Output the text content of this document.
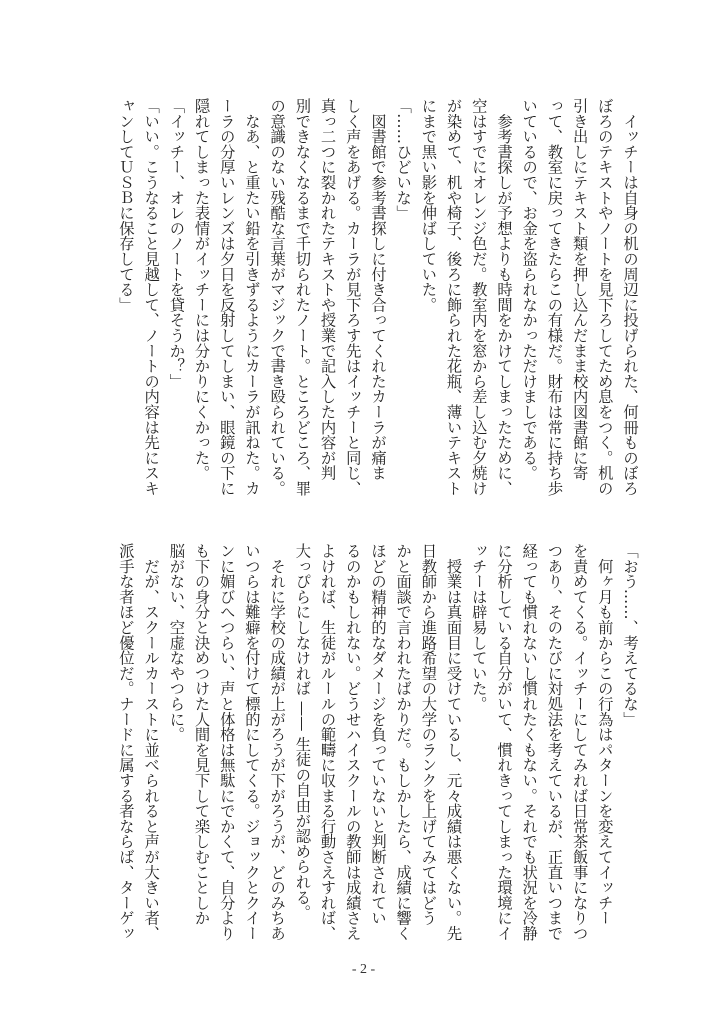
　イッチーは自身の机の周辺に投げられた、何冊ものぼろ
ぼろのテキストやノートを見下ろしてため息をつく。机の
引き出しにテキスト類を押し込んだまま校内図書館に寄
って、教室に戻ってきたらこの有様だ。財布は常に持ち歩
いているので、お金を盗られなかっただけましである。
　参考書探しが予想よりも時間をかけてしまったために、
空はすでにオレンジ色だ。教室内を窓から差し込む夕焼け
が染めて、机や椅子、後ろに飾られた花瓶、薄いテキスト
にまで黒い影を伸ばしていた。
「……ひどいな」
　図書館で参考書探しに付き合ってくれたカーラが痛ま
しく声をあげる。カーラが見下ろす先はイッチーと同じ、
真っ二つに裂かれたテキストや授業で記入した内容が判
別できなくなるまで千切られたノート。ところどころ、罪
の意識のない残酷な言葉がマジックで書き殴られている。
　なあ、と重たい鉛を引きずるようにカーラが訊ねた。カ
ーラの分厚いレンズは夕日を反射してしまい、眼鏡の下に
隠れてしまった表情がイッチーには分かりにくかった。
「イッチー、オレのノートを貸そうか？」
「いい。こうなること見越して、ノートの内容は先にスキ
ャンしてＵＳＢに保存してる」
「おう……、考えてるな」
　何ヶ月も前からこの行為はパターンを変えてイッチー
を責めてくる。イッチーにしてみれば日常茶飯事になりつ
つあり、そのたびに対処法を考えているが、正直いつまで
経っても慣れないし慣れたくもない。それでも状況を冷静
に分析している自分がいて、慣れきってしまった環境にイ
ッチーは辟易していた。
　授業は真面目に受けているし、元々成績は悪くない。先
日教師から進路希望の大学のランクを上げてみてはどう
かと面談で言われたばかりだ。もしかしたら、成績に響く
ほどの精神的なダメージを負っていないと判断されてい
るのかもしれない。どうせハイスクールの教師は成績さえ
よければ、生徒がルールの範疇に収まる行動さえすれば、
大っぴらにしなければ —— 生徒の自由が認められる。
　それに学校の成績が上がろうが下がろうが、どのみちあ
いつらは難癖を付けて標的にしてくる。ジョックとクイー
ンに媚びへつらい、声と体格は無駄にでかくて、自分より
も下の身分と決めつけた人間を見下して楽しむことしか
脳がない、空虚なやつらに。
　だが、スクールカーストに並べられると声が大きい者、
派手な者ほど優位だ。ナードに属する者ならば、ターゲッ
- 2 -
